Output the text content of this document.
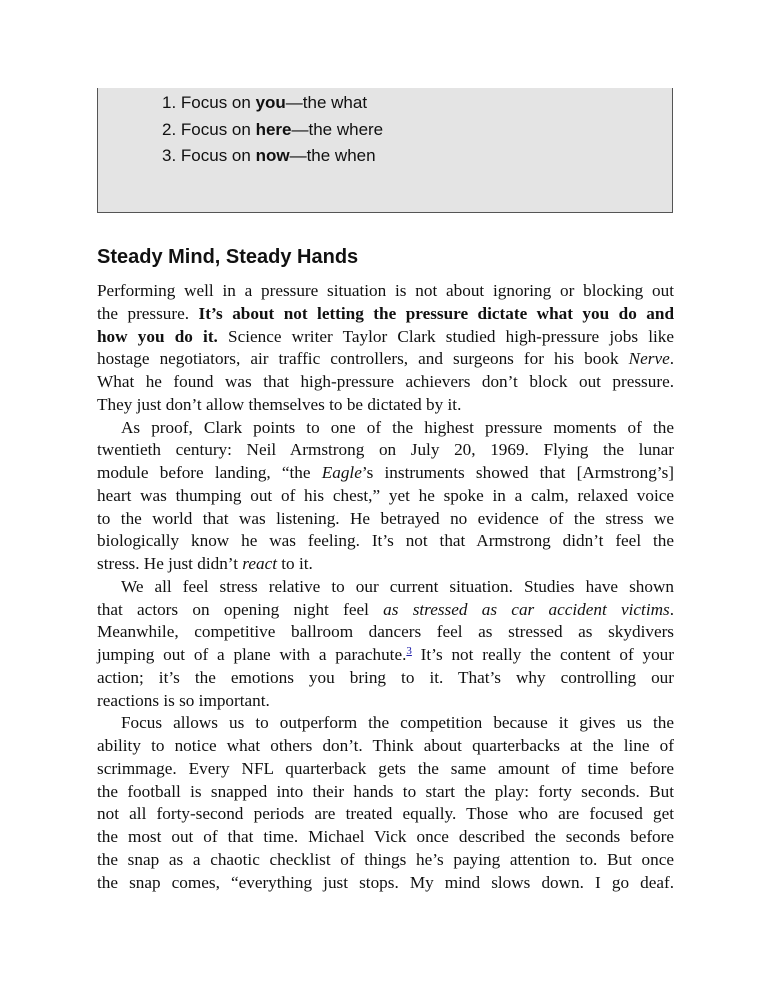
1. Focus on you—the what
2. Focus on here—the where
3. Focus on now—the when
Steady Mind, Steady Hands
Performing well in a pressure situation is not about ignoring or blocking out
the pressure. It’s about not letting the pressure dictate what you do and
how you do it. Science writer Taylor Clark studied high-pressure jobs like
hostage negotiators, air traffic controllers, and surgeons for his book Nerve.
What he found was that high-pressure achievers don’t block out pressure.
They just don’t allow themselves to be dictated by it.
As proof, Clark points to one of the highest pressure moments of the
twentieth century: Neil Armstrong on July 20, 1969. Flying the lunar
module before landing, “the Eagle’s instruments showed that [Armstrong’s]
heart was thumping out of his chest,” yet he spoke in a calm, relaxed voice
to the world that was listening. He betrayed no evidence of the stress we
biologically know he was feeling. It’s not that Armstrong didn’t feel the
stress. He just didn’t react to it.
We all feel stress relative to our current situation. Studies have shown
that actors on opening night feel as stressed as car accident victims.
Meanwhile, competitive ballroom dancers feel as stressed as skydivers
jumping out of a plane with a parachute.$^3$ It’s not really the content of your
action; it’s the emotions you bring to it. That’s why controlling our
reactions is so important.
Focus allows us to outperform the competition because it gives us the
ability to notice what others don’t. Think about quarterbacks at the line of
scrimmage. Every NFL quarterback gets the same amount of time before
the football is snapped into their hands to start the play: forty seconds. But
not all forty-second periods are treated equally. Those who are focused get
the most out of that time. Michael Vick once described the seconds before
the snap as a chaotic checklist of things he’s paying attention to. But once
the snap comes, “everything just stops. My mind slows down. I go deaf.
